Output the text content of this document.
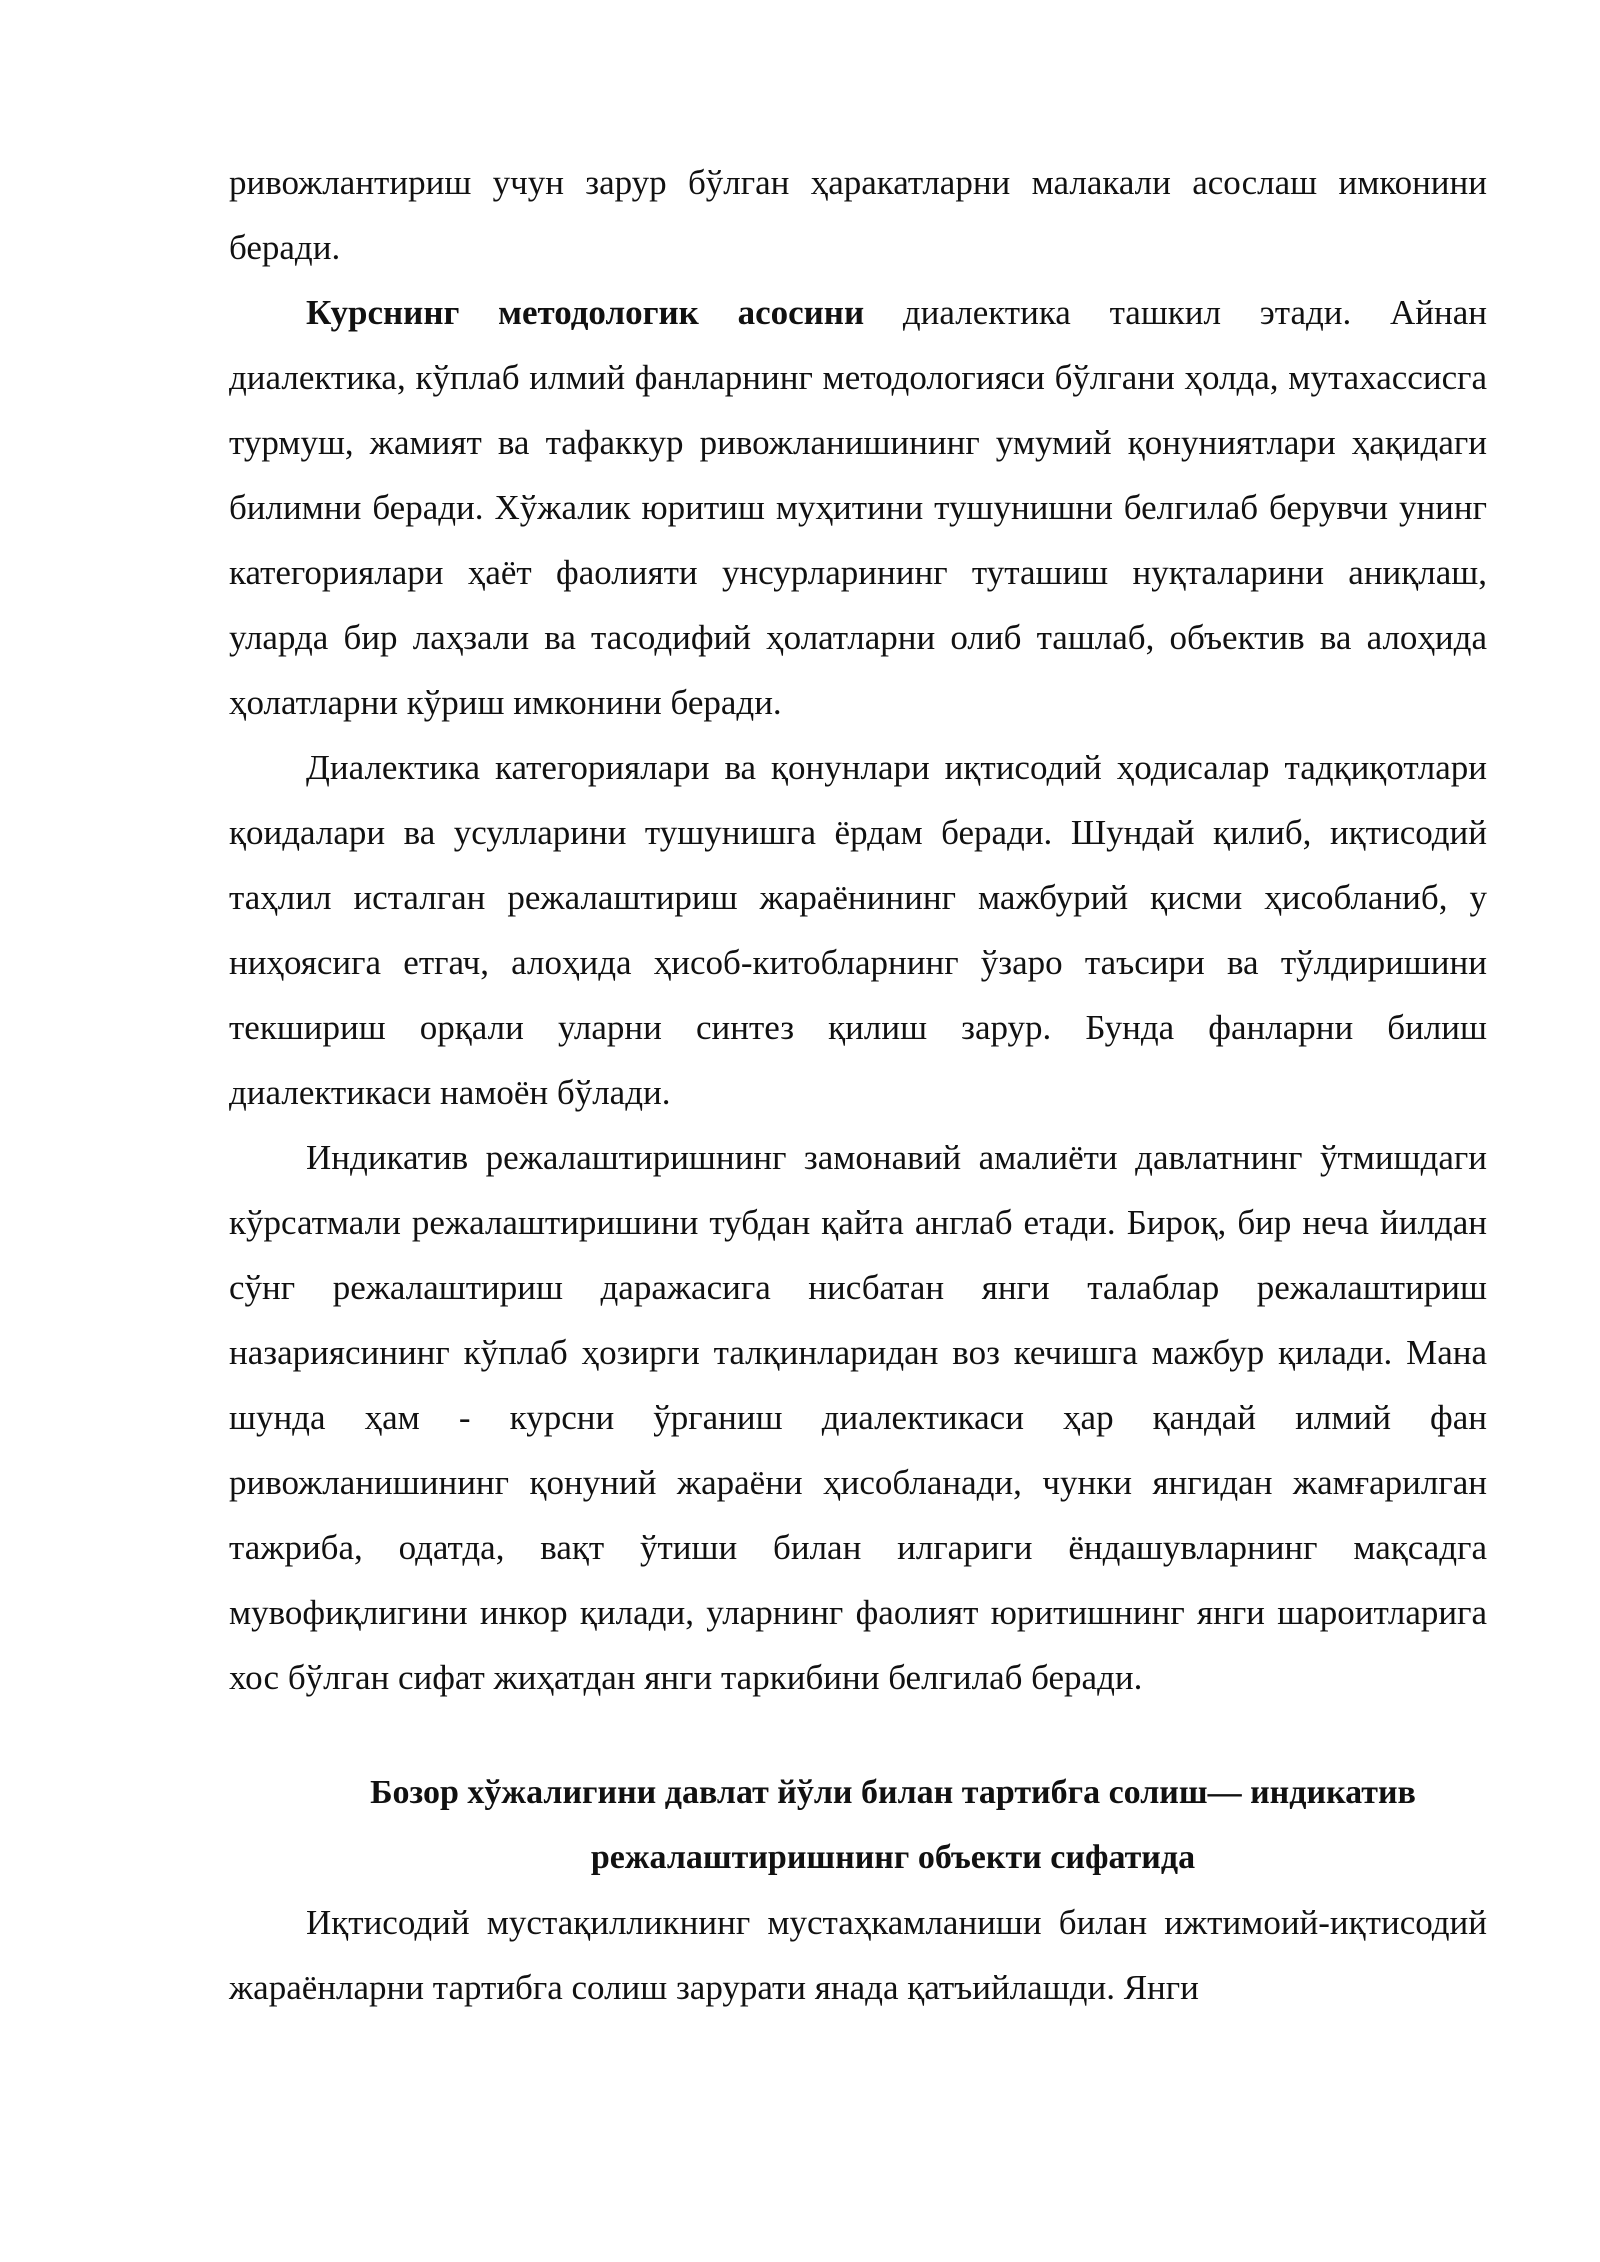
ривожлантириш учун зарур бўлган ҳаракатларни малакали асослаш имконини беради.

Курснинг методологик асосини диалектика ташкил этади. Айнан диалектика, кўплаб илмий фанларнинг методологияси бўлгани ҳолда, мутахассисга турмуш, жамият ва тафаккур ривожланишининг умумий қонуниятлари ҳақидаги билимни беради. Хўжалик юритиш муҳитини тушунишни белгилаб берувчи унинг категориялари ҳаёт фаолияти унсурларининг туташиш нуқталарини аниқлаш, уларда бир лаҳзали ва тасодифий ҳолатларни олиб ташлаб, объектив ва алоҳида ҳолатларни кўриш имконини беради.

Диалектика категориялари ва қонунлари иқтисодий ҳодисалар тадқиқотлари қоидалари ва усулларини тушунишга ёрдам беради. Шундай қилиб, иқтисодий таҳлил исталган режалаштириш жараёнининг мажбурий қисми ҳисобланиб, у ниҳоясига етгач, алоҳида ҳисоб-китобларнинг ўзаро таъсири ва тўлдиришини текшириш орқали уларни синтез қилиш зарур. Бунда фанларни билиш диалектикаси намоён бўлади.

Индикатив режалаштиришнинг замонавий амалиёти давлатнинг ўтмишдаги кўрсатмали режалаштиришини тубдан қайта англаб етади. Бироқ, бир неча йилдан сўнг режалаштириш даражасига нисбатан янги талаблар режалаштириш назариясининг кўплаб ҳозирги талқинларидан воз кечишга мажбур қилади. Мана шунда ҳам - курсни ўрганиш диалектикаси ҳар қандай илмий фан ривожланишининг қонуний жараёни ҳисобланади, чунки янгидан жамғарилган тажриба, одатда, вақт ўтиши билан илгариги ёндашувларнинг мақсадга мувофиқлигини инкор қилади, уларнинг фаолият юритишнинг янги шароитларига хос бўлган сифат жиҳатдан янги таркибини белгилаб беради.

Бозор хўжалигини давлат йўли билан тартибга солиш— индикатив режалаштиришнинг объекти сифатида

Иқтисодий мустақилликнинг мустаҳкамланиши билан ижтимоий-иқтисодий жараёнларни тартибга солиш зарурати янада қатъийлашди. Янги
